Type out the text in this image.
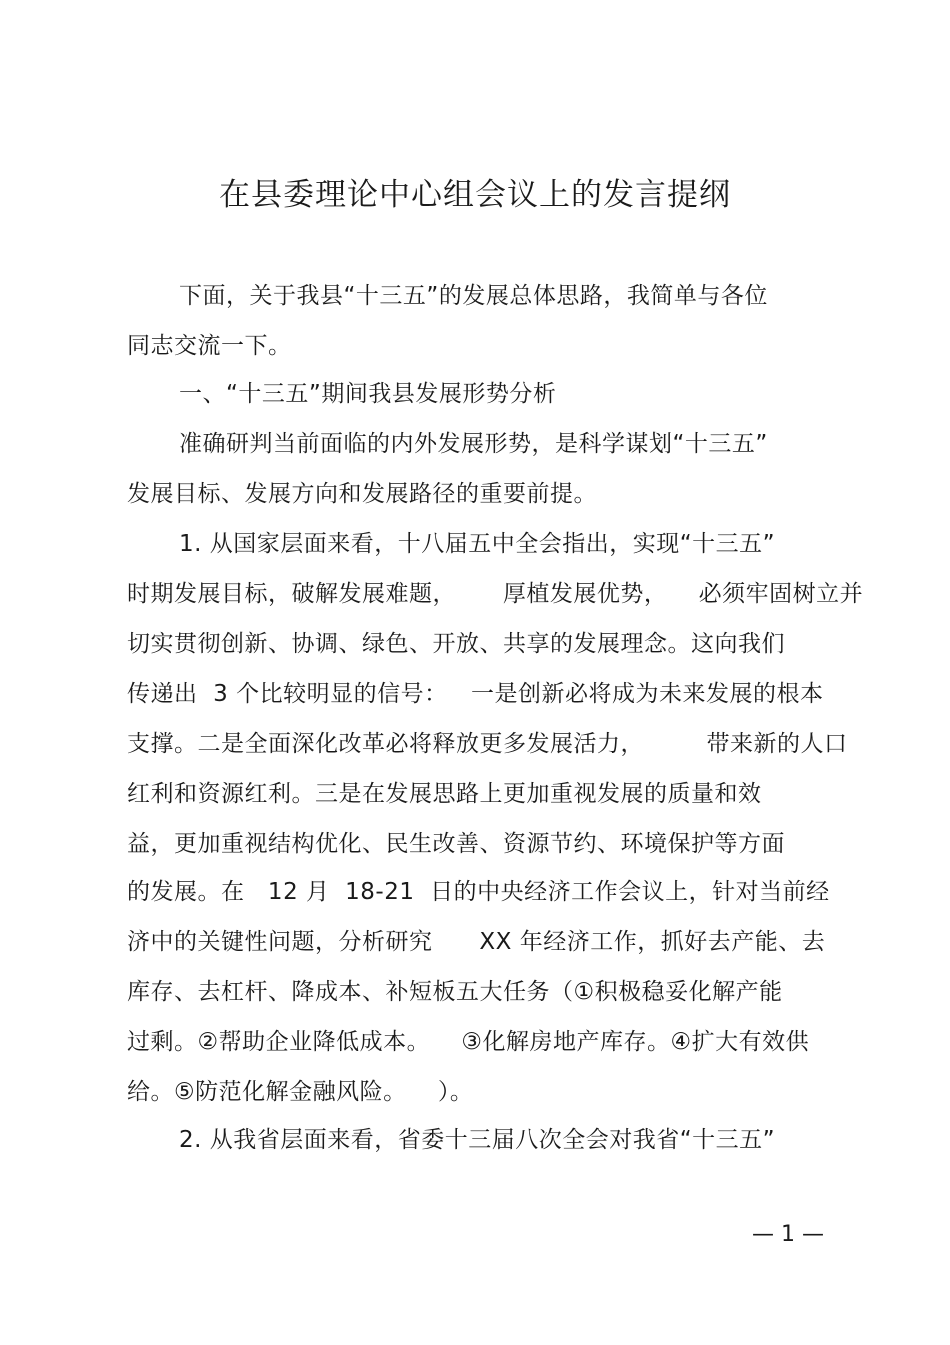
在县委理论中心组会议上的发言提纲
下面，关于我县“十三五”的发展总体思路，我简单与各位
同志交流一下。
一、“十三五”期间我县发展形势分析
准确研判当前面临的内外发展形势，是科学谋划“十三五”
发展目标、发展方向和发展路径的重要前提。
1. 从国家层面来看，十八届五中全会指出，实现“十三五”
时期发展目标，破解发展难题，      厚植发展优势，    必须牢固树立并
切实贯彻创新、协调、绿色、开放、共享的发展理念。这向我们
传递出  3 个比较明显的信号：   一是创新必将成为未来发展的根本
支撑。二是全面深化改革必将释放更多发展活力，        带来新的人口
红利和资源红利。三是在发展思路上更加重视发展的质量和效
益，更加重视结构优化、民生改善、资源节约、环境保护等方面
的发展。在   12 月  18-21  日的中央经济工作会议上，针对当前经
济中的关键性问题，分析研究      XX 年经济工作，抓好去产能、去
库存、去杠杆、降成本、补短板五大任务（①积极稳妥化解产能
过剩。②帮助企业降低成本。    ③化解房地产库存。④扩大有效供
给。⑤防范化解金融风险。    ）。
2. 从我省层面来看，省委十三届八次全会对我省“十三五”
— 1 —
